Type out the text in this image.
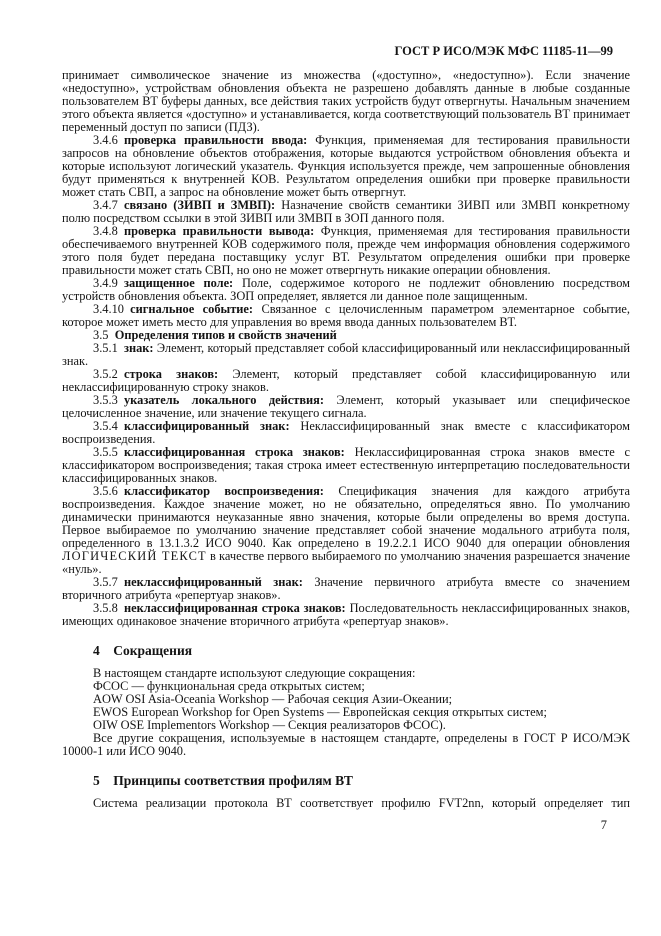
ГОСТ Р ИСО/МЭК МФС 11185-11—99

принимает символическое значение из множества («доступно», «недоступно»). Если значение «недоступно», устройствам обновления объекта не разрешено добавлять данные в любые созданные пользователем ВТ буферы данных, все действия таких устройств будут отвергнуты. Начальным значением этого объекта является «доступно» и устанавливается, когда соответствующий пользователь ВТ принимает переменный доступ по записи (ПДЗ).

3.4.6 проверка правильности ввода: Функция, применяемая для тестирования правильности запросов на обновление объектов отображения, которые выдаются устройством обновления объекта и которые используют логический указатель. Функция используется прежде, чем запрошенные обновления будут применяться к внутренней КОВ. Результатом определения ошибки при проверке правильности может стать СВП, а запрос на обновление может быть отвергнут.

3.4.7 связано (ЗИВП и ЗМВП): Назначение свойств семантики ЗИВП или ЗМВП конкретному полю посредством ссылки в этой ЗИВП или ЗМВП в ЗОП данного поля.

3.4.8 проверка правильности вывода: Функция, применяемая для тестирования правильности обеспечиваемого внутренней КОВ содержимого поля, прежде чем информация обновления содержимого этого поля будет передана поставщику услуг ВТ. Результатом определения ошибки при проверке правильности может стать СВП, но оно не может отвергнуть никакие операции обновления.

3.4.9 защищенное поле: Поле, содержимое которого не подлежит обновлению посредством устройств обновления объекта. ЗОП определяет, является ли данное поле защищенным.

3.4.10 сигнальное событие: Связанное с целочисленным параметром элементарное событие, которое может иметь место для управления во время ввода данных пользователем ВТ.

3.5 Определения типов и свойств значений

3.5.1 знак: Элемент, который представляет собой классифицированный или неклассифицированный знак.

3.5.2 строка знаков: Элемент, который представляет собой классифицированную или неклассифицированную строку знаков.

3.5.3 указатель локального действия: Элемент, который указывает или специфическое целочисленное значение, или значение текущего сигнала.

3.5.4 классифицированный знак: Неклассифицированный знак вместе с классификатором воспроизведения.

3.5.5 классифицированная строка знаков: Неклассифицированная строка знаков вместе с классификатором воспроизведения; такая строка имеет естественную интерпретацию последовательности классифицированных знаков.

3.5.6 классификатор воспроизведения: Спецификация значения для каждого атрибута воспроизведения. Каждое значение может, но не обязательно, определяться явно. По умолчанию динамически принимаются неуказанные явно значения, которые были определены во время доступа. Первое выбираемое по умолчанию значение представляет собой значение модального атрибута поля, определенного в 13.1.3.2 ИСО 9040. Как определено в 19.2.2.1 ИСО 9040 для операции обновления ЛОГИЧЕСКИЙ ТЕКСТ в качестве первого выбираемого по умолчанию значения разрешается значение «нуль».

3.5.7 неклассифицированный знак: Значение первичного атрибута вместе со значением вторичного атрибута «репертуар знаков».

3.5.8 неклассифицированная строка знаков: Последовательность неклассифицированных знаков, имеющих одинаковое значение вторичного атрибута «репертуар знаков».

4 Сокращения

В настоящем стандарте используют следующие сокращения:

ФСОС — функциональная среда открытых систем;

AOW OSI Asia-Oceania Workshop — Рабочая секция Азии-Океании;

EWOS European Workshop for Open Systems — Европейская секция открытых систем;

OIW OSE Implementors Workshop — Секция реализаторов ФСОС).

Все другие сокращения, используемые в настоящем стандарте, определены в ГОСТ Р ИСО/МЭК 10000-1 или ИСО 9040.

5 Принципы соответствия профилям ВТ

Система реализации протокола ВТ соответствует профилю FVT2nn, который определяет тип

7
